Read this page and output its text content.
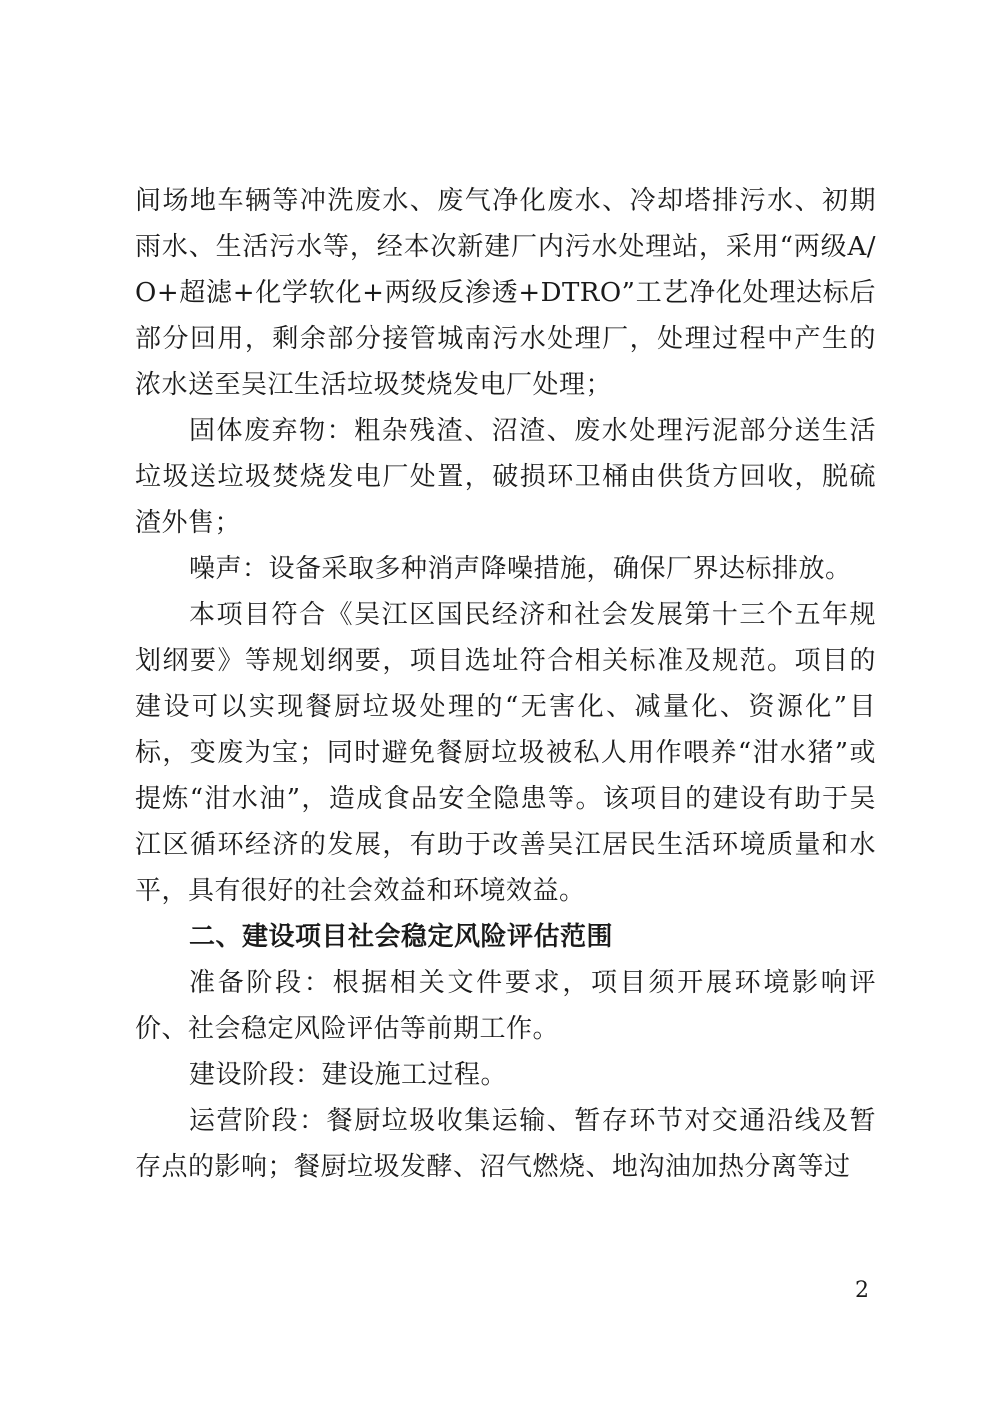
间场地车辆等冲洗废水、废气净化废水、冷却塔排污水、初期雨水、生活污水等，经本次新建厂内污水处理站，采用“两级A/O+超滤+化学软化+两级反渗透+DTRO”工艺净化处理达标后部分回用，剩余部分接管城南污水处理厂，处理过程中产生的浓水送至吴江生活垃圾焚烧发电厂处理；

固体废弃物：粗杂残渣、沼渣、废水处理污泥部分送生活垃圾送垃圾焚烧发电厂处置，破损环卫桶由供货方回收，脱硫渣外售；

噪声：设备采取多种消声降噪措施，确保厂界达标排放。

本项目符合《吴江区国民经济和社会发展第十三个五年规划纲要》等规划纲要，项目选址符合相关标准及规范。项目的建设可以实现餐厨垃圾处理的“无害化、减量化、资源化”目标，变废为宝；同时避免餐厨垃圾被私人用作喂养“泔水猪”或提炼“泔水油”，造成食品安全隐患等。该项目的建设有助于吴江区循环经济的发展，有助于改善吴江居民生活环境质量和水平，具有很好的社会效益和环境效益。

二、建设项目社会稳定风险评估范围

准备阶段：根据相关文件要求，项目须开展环境影响评价、社会稳定风险评估等前期工作。

建设阶段：建设施工过程。

运营阶段：餐厨垃圾收集运输、暂存环节对交通沿线及暂存点的影响；餐厨垃圾发酵、沼气燃烧、地沟油加热分离等过

2
